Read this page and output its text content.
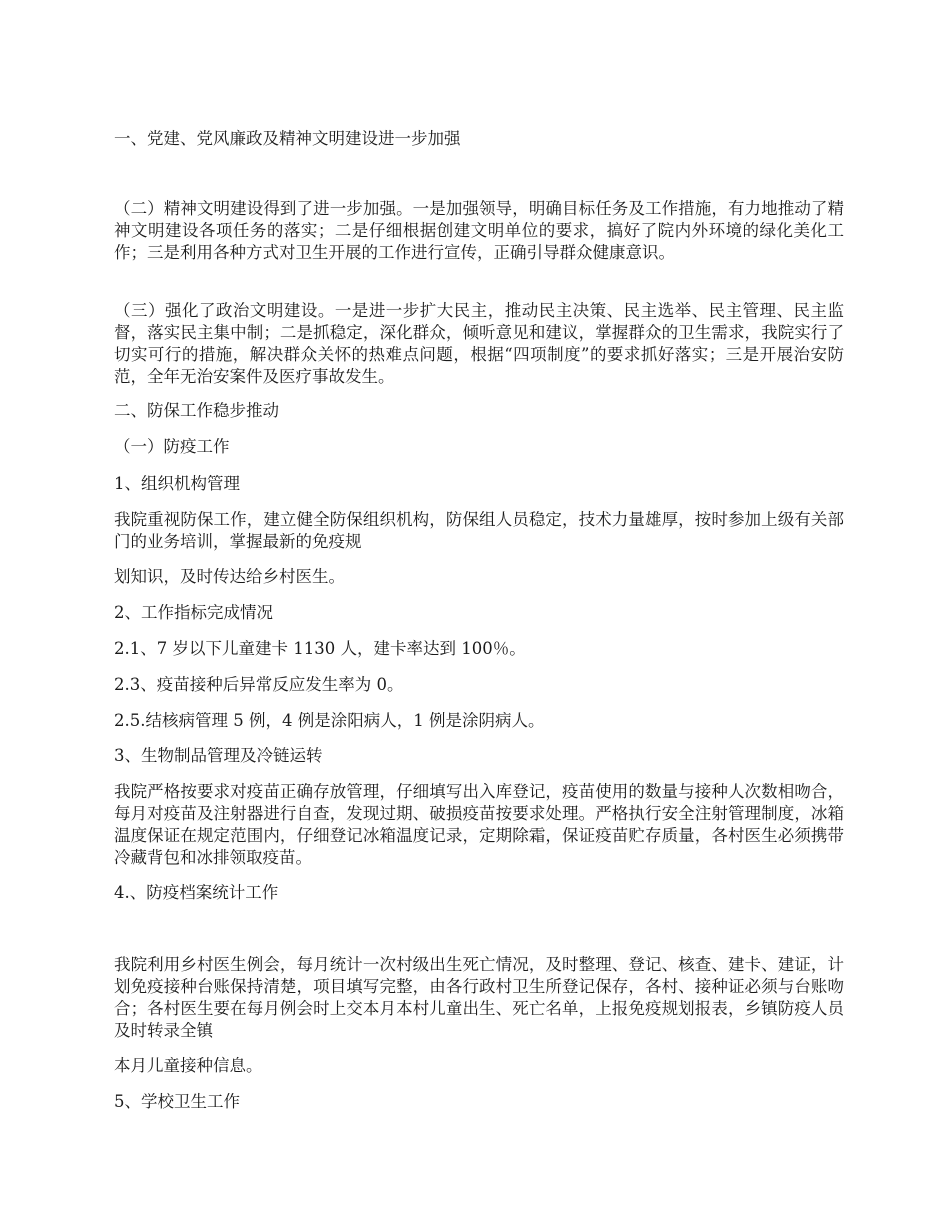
一、党建、党风廉政及精神文明建设进一步加强

（二）精神文明建设得到了进一步加强。一是加强领导，明确目标任务及工作措施，有力地推动了精神文明建设各项任务的落实；二是仔细根据创建文明单位的要求，搞好了院内外环境的绿化美化工作；三是利用各种方式对卫生开展的工作进行宣传，正确引导群众健康意识。

（三）强化了政治文明建设。一是进一步扩大民主，推动民主决策、民主选举、民主管理、民主监督，落实民主集中制；二是抓稳定，深化群众，倾听意见和建议，掌握群众的卫生需求，我院实行了切实可行的措施，解决群众关怀的热难点问题，根据“四项制度”的要求抓好落实；三是开展治安防范，全年无治安案件及医疗事故发生。

二、防保工作稳步推动

（一）防疫工作

1、组织机构管理

我院重视防保工作，建立健全防保组织机构，防保组人员稳定，技术力量雄厚，按时参加上级有关部门的业务培训，掌握最新的免疫规

划知识，及时传达给乡村医生。

2、工作指标完成情况

2.1、7 岁以下儿童建卡 1130 人，建卡率达到 100％。

2.3、疫苗接种后异常反应发生率为 0。

2.5.结核病管理 5 例，4 例是涂阳病人，1 例是涂阴病人。

3、生物制品管理及冷链运转

我院严格按要求对疫苗正确存放管理，仔细填写出入库登记，疫苗使用的数量与接种人次数相吻合，每月对疫苗及注射器进行自查，发现过期、破损疫苗按要求处理。严格执行安全注射管理制度，冰箱温度保证在规定范围内，仔细登记冰箱温度记录，定期除霜，保证疫苗贮存质量，各村医生必须携带冷藏背包和冰排领取疫苗。

4.、防疫档案统计工作

我院利用乡村医生例会，每月统计一次村级出生死亡情况，及时整理、登记、核查、建卡、建证，计划免疫接种台账保持清楚，项目填写完整，由各行政村卫生所登记保存，各村、接种证必须与台账吻合；各村医生要在每月例会时上交本月本村儿童出生、死亡名单，上报免疫规划报表，乡镇防疫人员及时转录全镇

本月儿童接种信息。

5、学校卫生工作
